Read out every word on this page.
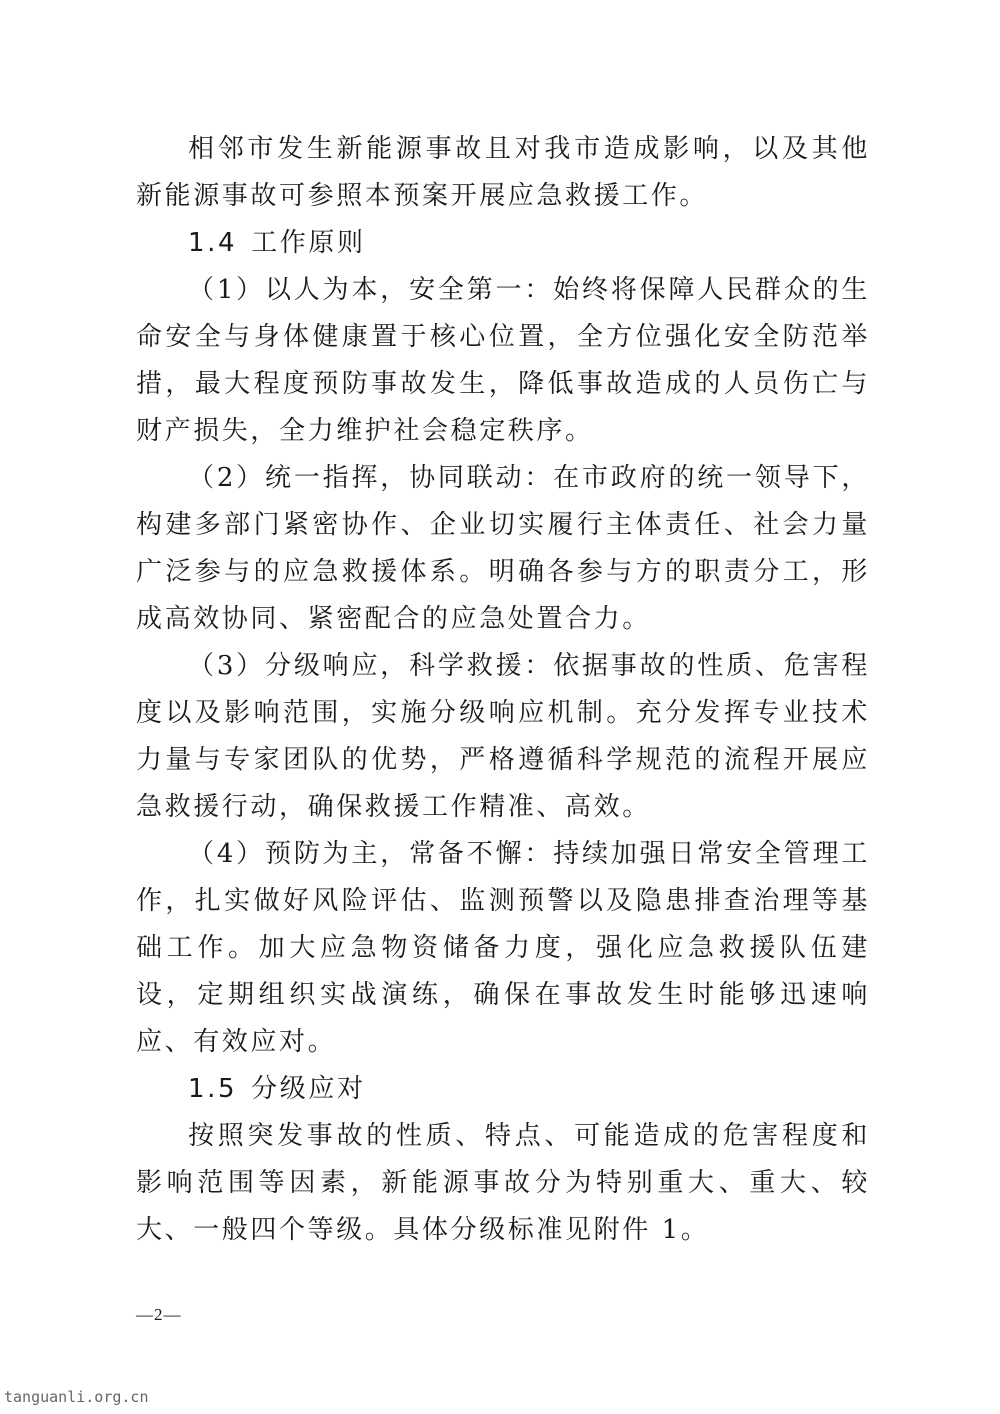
相邻市发生新能源事故且对我市造成影响，以及其他新能源事故可参照本预案开展应急救援工作。

1.4 工作原则

（1）以人为本，安全第一：始终将保障人民群众的生命安全与身体健康置于核心位置，全方位强化安全防范举措，最大程度预防事故发生，降低事故造成的人员伤亡与财产损失，全力维护社会稳定秩序。

（2）统一指挥，协同联动：在市政府的统一领导下，构建多部门紧密协作、企业切实履行主体责任、社会力量广泛参与的应急救援体系。明确各参与方的职责分工，形成高效协同、紧密配合的应急处置合力。

（3）分级响应，科学救援：依据事故的性质、危害程度以及影响范围，实施分级响应机制。充分发挥专业技术力量与专家团队的优势，严格遵循科学规范的流程开展应急救援行动，确保救援工作精准、高效。

（4）预防为主，常备不懈：持续加强日常安全管理工作，扎实做好风险评估、监测预警以及隐患排查治理等基础工作。加大应急物资储备力度，强化应急救援队伍建设，定期组织实战演练，确保在事故发生时能够迅速响应、有效应对。

1.5 分级应对

按照突发事故的性质、特点、可能造成的危害程度和影响范围等因素，新能源事故分为特别重大、重大、较大、一般四个等级。具体分级标准见附件 1。

—2—
tanguanli.org.cn
